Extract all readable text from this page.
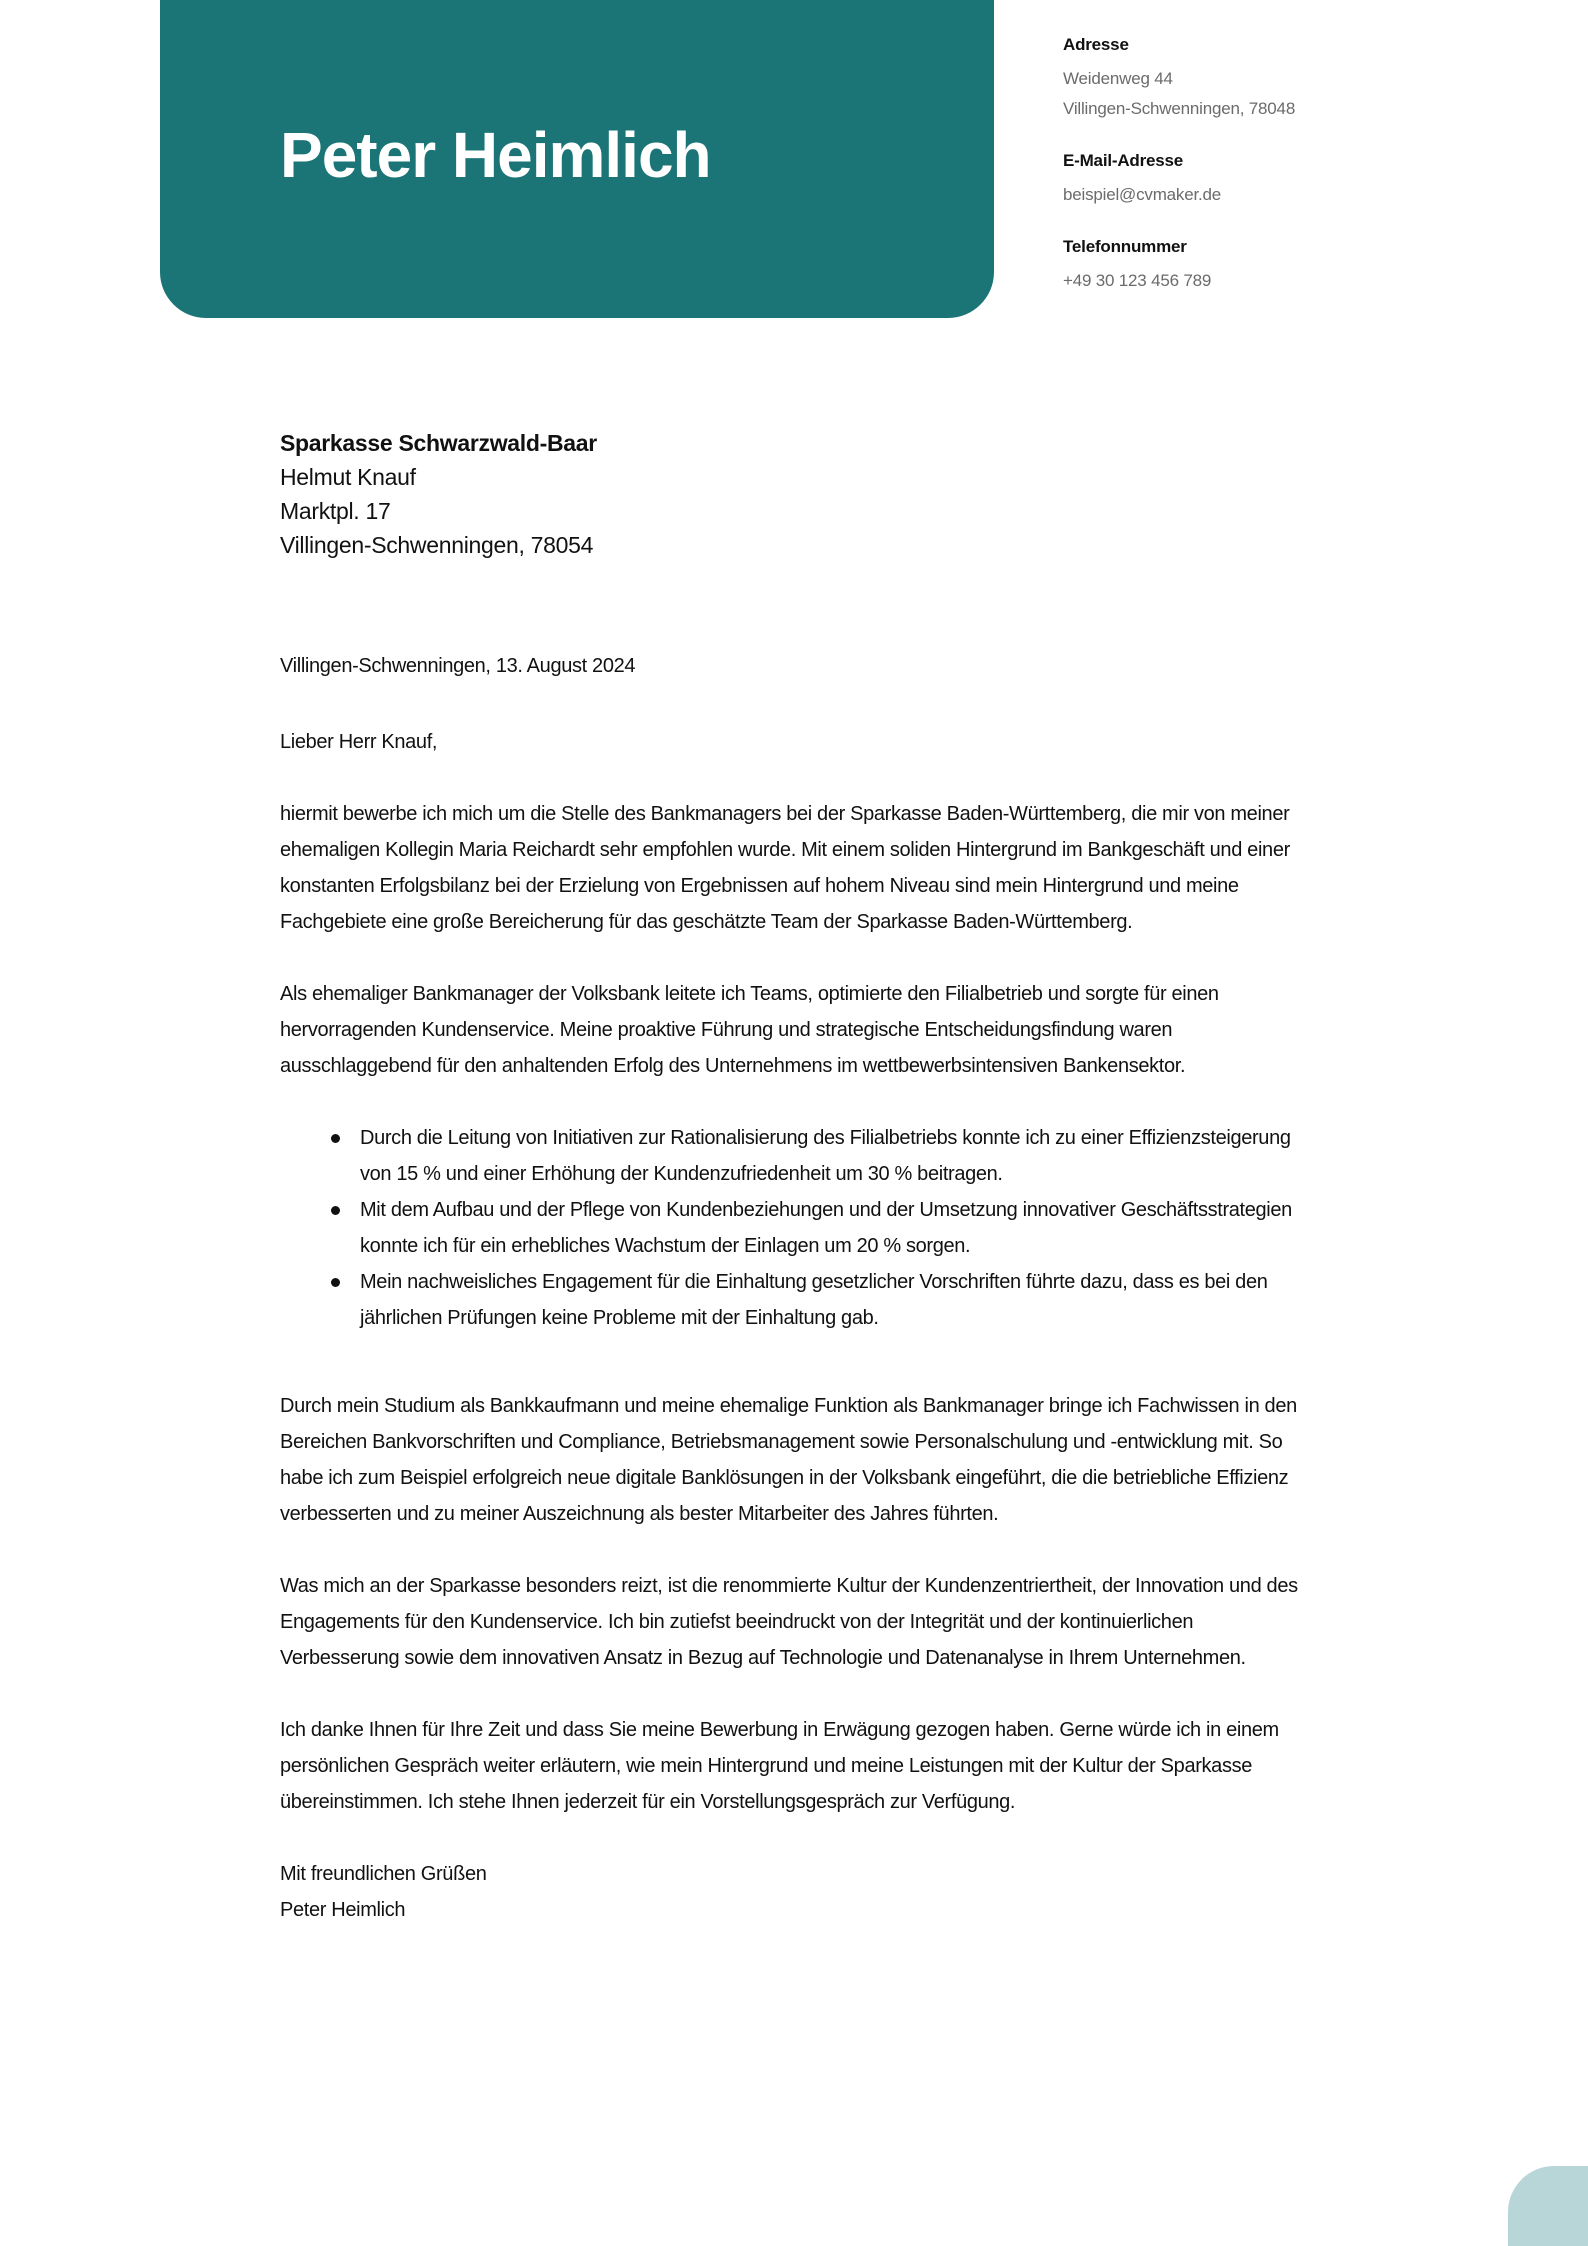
Peter Heimlich
Adresse
Weidenweg 44
Villingen-Schwenningen, 78048
E-Mail-Adresse
beispiel@cvmaker.de
Telefonnummer
+49 30 123 456 789
Sparkasse Schwarzwald-Baar
Helmut Knauf
Marktpl. 17
Villingen-Schwenningen, 78054
Villingen-Schwenningen, 13. August 2024
Lieber Herr Knauf,

hiermit bewerbe ich mich um die Stelle des Bankmanagers bei der Sparkasse Baden-Württemberg, die mir von meiner ehemaligen Kollegin Maria Reichardt sehr empfohlen wurde. Mit einem soliden Hintergrund im Bankgeschäft und einer konstanten Erfolgsbilanz bei der Erzielung von Ergebnissen auf hohem Niveau sind mein Hintergrund und meine Fachgebiete eine große Bereicherung für das geschätzte Team der Sparkasse Baden-Württemberg.

Als ehemaliger Bankmanager der Volksbank leitete ich Teams, optimierte den Filialbetrieb und sorgte für einen hervorragenden Kundenservice. Meine proaktive Führung und strategische Entscheidungsfindung waren ausschlaggebend für den anhaltenden Erfolg des Unternehmens im wettbewerbsintensiven Bankensektor.

Durch die Leitung von Initiativen zur Rationalisierung des Filialbetriebs konnte ich zu einer Effizienzsteigerung von 15 % und einer Erhöhung der Kundenzufriedenheit um 30 % beitragen.
Mit dem Aufbau und der Pflege von Kundenbeziehungen und der Umsetzung innovativer Geschäftsstrategien konnte ich für ein erhebliches Wachstum der Einlagen um 20 % sorgen.
Mein nachweisliches Engagement für die Einhaltung gesetzlicher Vorschriften führte dazu, dass es bei den jährlichen Prüfungen keine Probleme mit der Einhaltung gab.

Durch mein Studium als Bankkaufmann und meine ehemalige Funktion als Bankmanager bringe ich Fachwissen in den Bereichen Bankvorschriften und Compliance, Betriebsmanagement sowie Personalschulung und -entwicklung mit. So habe ich zum Beispiel erfolgreich neue digitale Banklösungen in der Volksbank eingeführt, die die betriebliche Effizienz verbesserten und zu meiner Auszeichnung als bester Mitarbeiter des Jahres führten.

Was mich an der Sparkasse besonders reizt, ist die renommierte Kultur der Kundenzentriertheit, der Innovation und des Engagements für den Kundenservice. Ich bin zutiefst beeindruckt von der Integrität und der kontinuierlichen Verbesserung sowie dem innovativen Ansatz in Bezug auf Technologie und Datenanalyse in Ihrem Unternehmen.

Ich danke Ihnen für Ihre Zeit und dass Sie meine Bewerbung in Erwägung gezogen haben. Gerne würde ich in einem persönlichen Gespräch weiter erläutern, wie mein Hintergrund und meine Leistungen mit der Kultur der Sparkasse übereinstimmen. Ich stehe Ihnen jederzeit für ein Vorstellungsgespräch zur Verfügung.

Mit freundlichen Grüßen
Peter Heimlich
